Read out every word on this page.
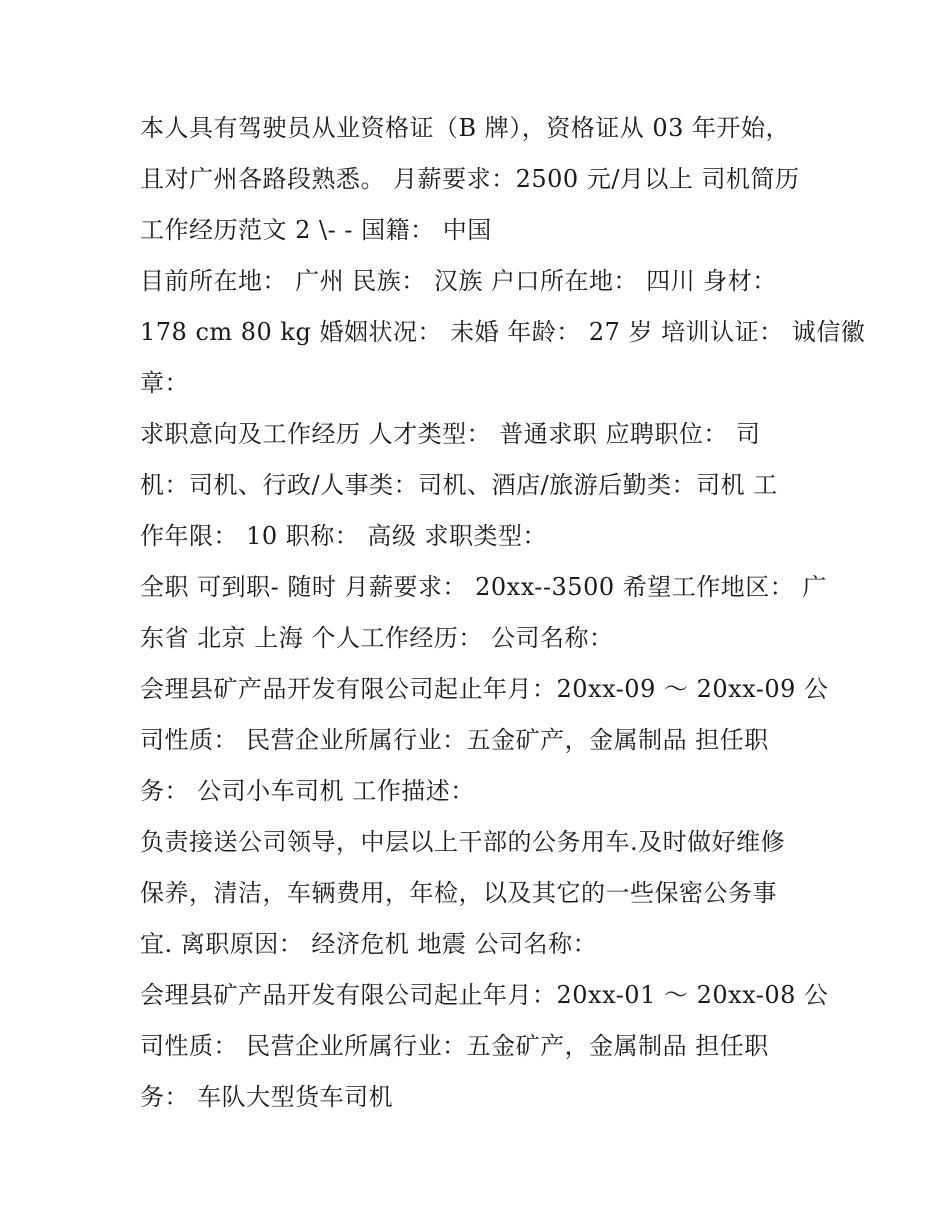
本人具有驾驶员从业资格证（B 牌），资格证从 03 年开始，
且对广州各路段熟悉。 月薪要求：2500 元/月以上 司机简历
工作经历范文 2 \- - 国籍： 中国
目前所在地： 广州 民族： 汉族 户口所在地： 四川 身材：
178 cm 80 kg 婚姻状况： 未婚 年龄： 27 岁 培训认证： 诚信徽
章：
求职意向及工作经历 人才类型： 普通求职 应聘职位： 司
机：司机、行政/人事类：司机、酒店/旅游后勤类：司机 工
作年限： 10 职称： 高级 求职类型：
全职 可到职- 随时 月薪要求： 20xx--3500 希望工作地区： 广
东省 北京 上海 个人工作经历： 公司名称：
会理县矿产品开发有限公司起止年月：20xx-09 ～ 20xx-09 公
司性质： 民营企业所属行业：五金矿产，金属制品 担任职
务： 公司小车司机 工作描述：
负责接送公司领导，中层以上干部的公务用车.及时做好维修
保养，清洁，车辆费用，年检，以及其它的一些保密公务事
宜. 离职原因： 经济危机 地震 公司名称：
会理县矿产品开发有限公司起止年月：20xx-01 ～ 20xx-08 公
司性质： 民营企业所属行业：五金矿产，金属制品 担任职
务： 车队大型货车司机
